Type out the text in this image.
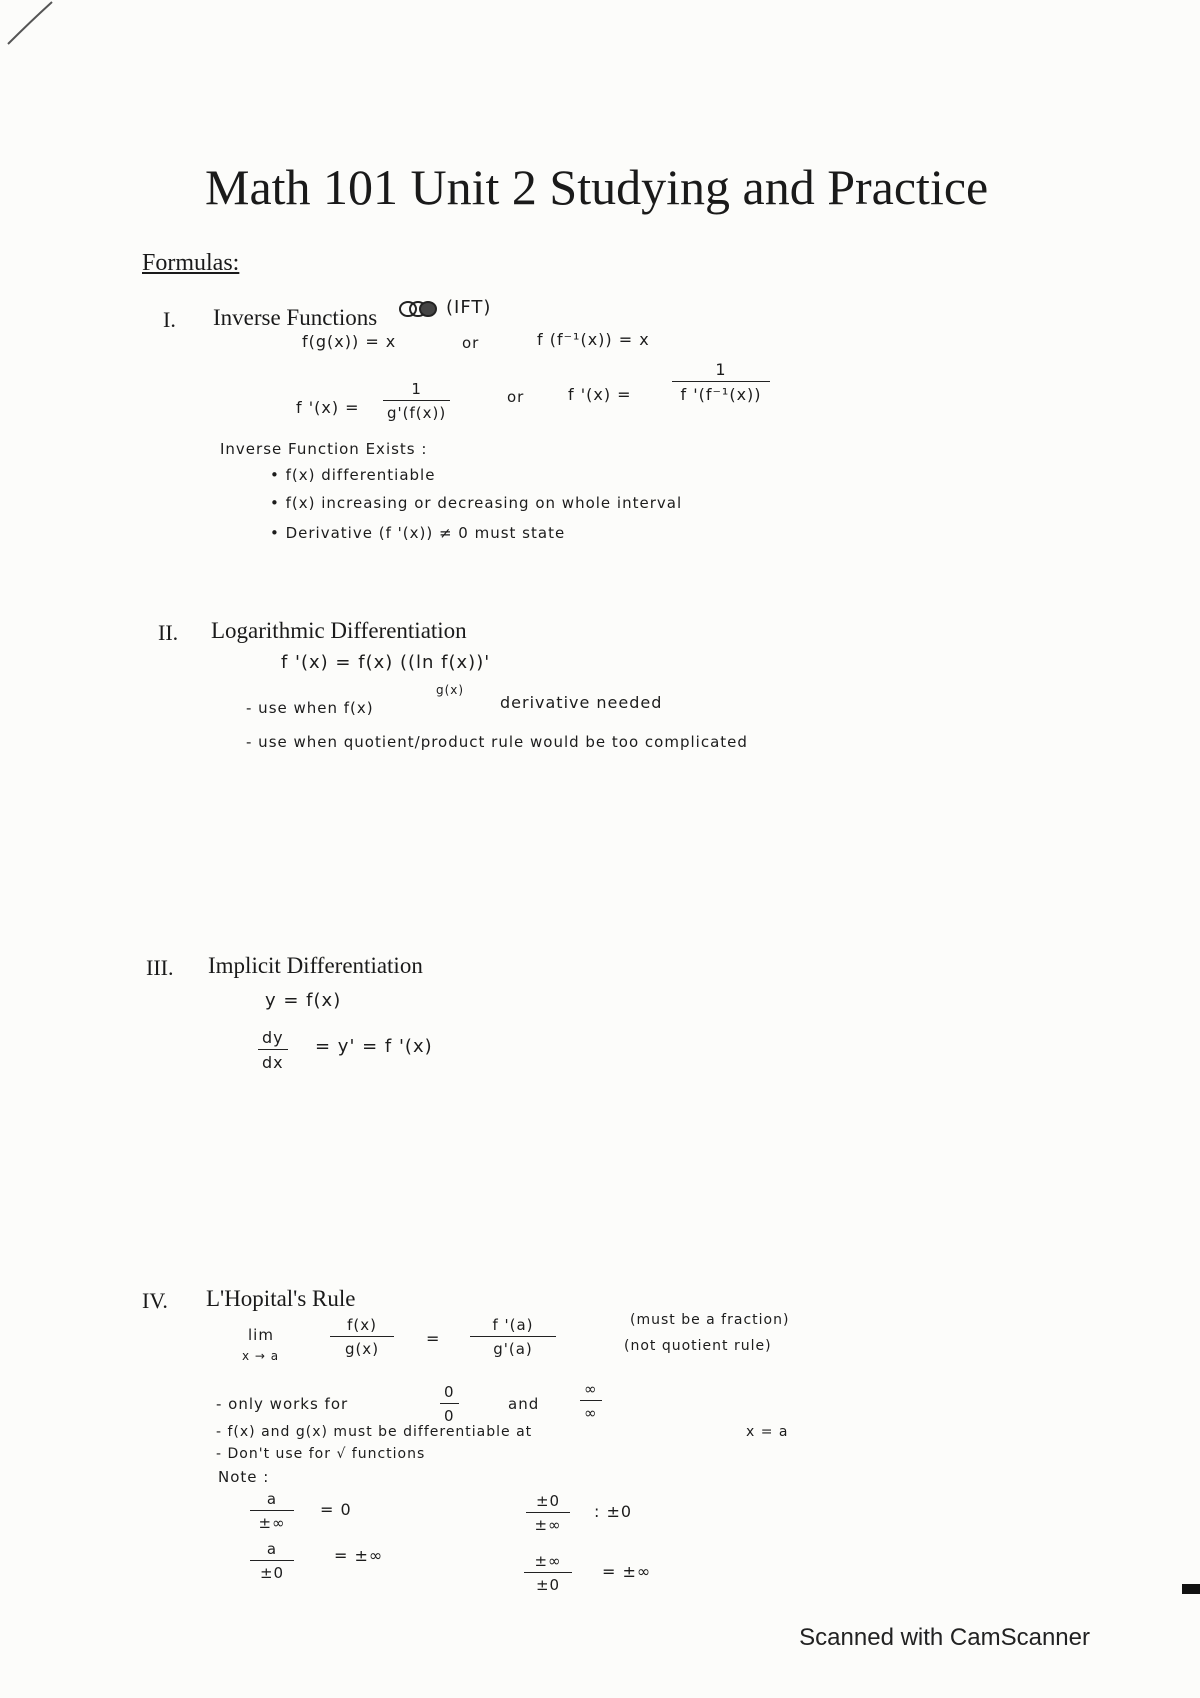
Math 101 Unit 2 Studying and Practice
Formulas:
I. Inverse Functions	(IFT)
f(g(x)) = x	or	f (f⁻¹(x)) = x
f '(x) =
1
g'(f(x))
or	f '(x) =
1
f '(f⁻¹(x))
Inverse Function Exists :
• f(x) differentiable
• f(x) increasing or decreasing on whole interval
• Derivative (f '(x)) ≠ 0 must state
II. Logarithmic Differentiation
f '(x) = f(x) ((ln f(x))'
- use when f(x)
g(x)
derivative needed
- use when quotient/product rule would be too complicated
III. Implicit Differentiation
y = f(x)
dy
dx
= y' = f '(x)
IV. L'Hopital's Rule
lim
x → a
f(x)
g(x)
=
f '(a)
g'(a)
(must be a fraction)
(not quotient rule)
- only works for
0
0
and
∞
∞
- f(x) and g(x) must be differentiable at	x = a
- Don't use for √ functions
Note :
a
±∞
= 0
a
±0
= ±∞
±0
±∞
: ±0
±∞
±0
= ±∞
Scanned with CamScanner
